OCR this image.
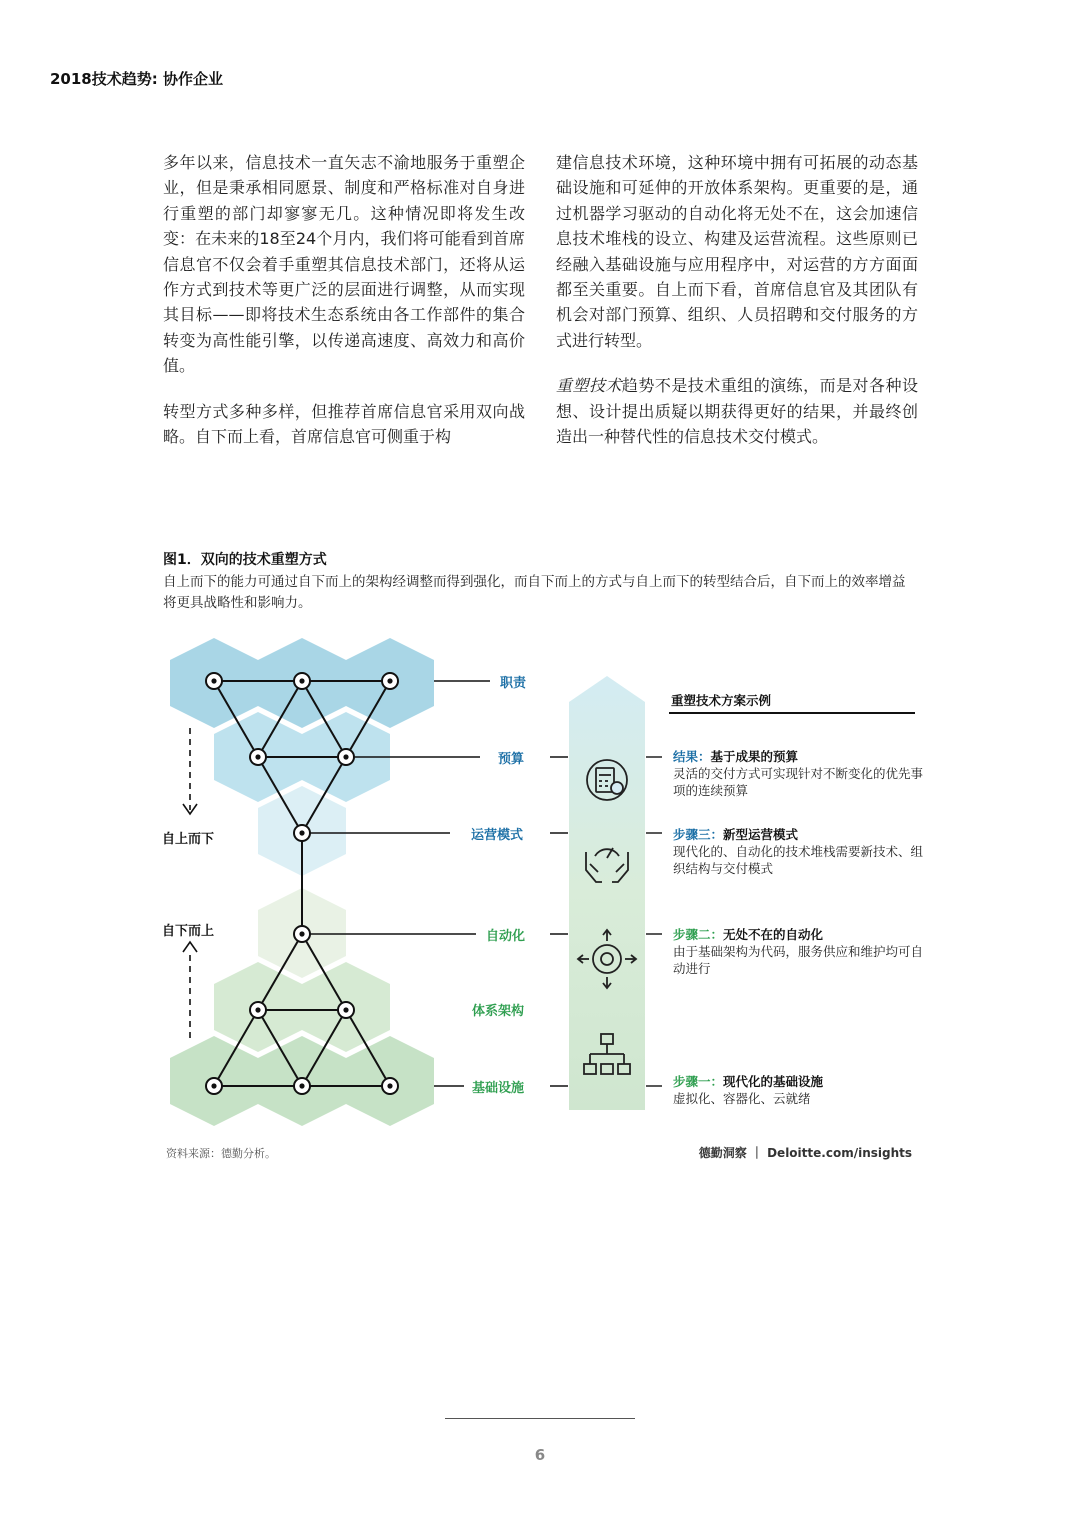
2018技术趋势: 协作企业

多年以来，信息技术一直矢志不渝地服务于重塑企业，但是秉承相同愿景、制度和严格标准对自身进行重塑的部门却寥寥无几。这种情况即将发生改变：在未来的18至24个月内，我们将可能看到首席信息官不仅会着手重塑其信息技术部门，还将从运作方式到技术等更广泛的层面进行调整，从而实现其目标——即将技术生态系统由各工作部件的集合转变为高性能引擎，以传递高速度、高效力和高价值。

转型方式多种多样，但推荐首席信息官采用双向战略。自下而上看，首席信息官可侧重于构

建信息技术环境，这种环境中拥有可拓展的动态基础设施和可延伸的开放体系架构。更重要的是，通过机器学习驱动的自动化将无处不在，这会加速信息技术堆栈的设立、构建及运营流程。这些原则已经融入基础设施与应用程序中，对运营的方方面面都至关重要。自上而下看，首席信息官及其团队有机会对部门预算、组织、人员招聘和交付服务的方式进行转型。

重塑技术趋势不是技术重组的演练，而是对各种设想、设计提出质疑以期获得更好的结果，并最终创造出一种替代性的信息技术交付模式。

图1．双向的技术重塑方式
自上而下的能力可通过自下而上的架构经调整而得到强化，而自下而上的方式与自上而下的转型结合后，自下而上的效率增益将更具战略性和影响力。
自上而下
自下而上
职责
预算
运营模式
自动化
体系架构
基础设施
重塑技术方案示例
结果：基于成果的预算
灵活的交付方式可实现针对不断变化的优先事项的连续预算
步骤三：新型运营模式
现代化的、自动化的技术堆栈需要新技术、组织结构与交付模式
步骤二：无处不在的自动化
由于基础架构为代码，服务供应和维护均可自动进行
步骤一：现代化的基础设施
虚拟化、容器化、云就绪
资料来源：德勤分析。	德勤洞察 ｜ Deloitte.com/insights
6
